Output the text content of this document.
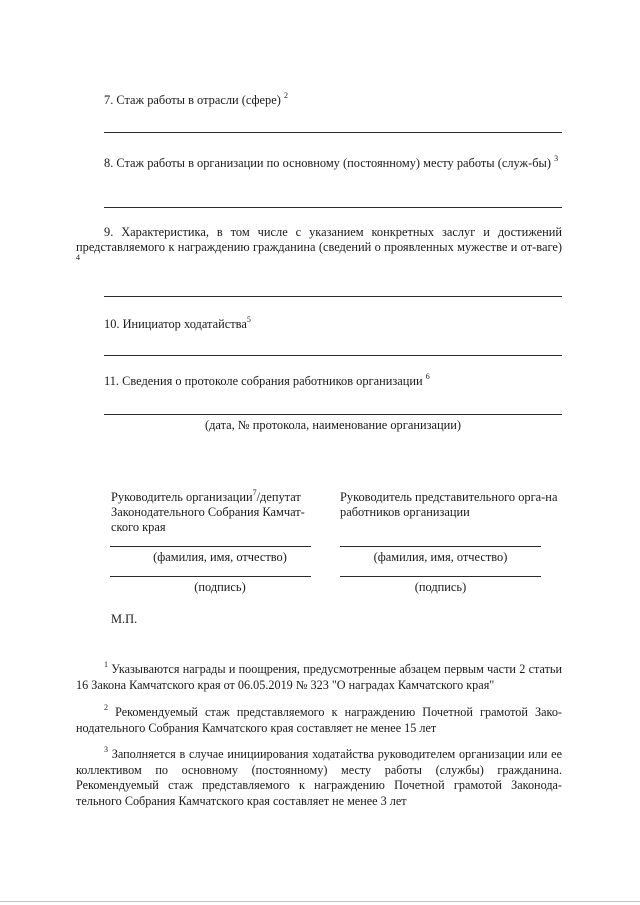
7. Стаж работы в отрасли (сфере) $^2$
8. Стаж работы в организации по основному (постоянному) месту работы (служ-бы) $^3$
9. Характеристика, в том числе с указанием конкретных заслуг и достижений представляемого к награждению гражданина (сведений о проявленных мужестве и от-ваге) $^4$
10. Инициатор ходатайства$^5$
11. Сведения о протоколе собрания работников организации $^6$
(дата, № протокола, наименование организации)
Руководитель организации$^7$/депутат Законодательного Собрания Камчат-ского края
(фамилия, имя, отчество)
(подпись)
Руководитель представительного орга-на работников организации
(фамилия, имя, отчество)
(подпись)
М.П.
$^1$ Указываются награды и поощрения, предусмотренные абзацем первым части 2 статьи 16 Закона Камчатского края от 06.05.2019 № 323 "О наградах Камчатского края"
$^2$ Рекомендуемый стаж представляемого к награждению Почетной грамотой Зако-нодательного Собрания Камчатского края составляет не менее 15 лет
$^3$ Заполняется в случае инициирования ходатайства руководителем организации или ее коллективом по основному (постоянному) месту работы (службы) гражданина. Рекомендуемый стаж представляемого к награждению Почетной грамотой Законода-тельного Собрания Камчатского края составляет не менее 3 лет
